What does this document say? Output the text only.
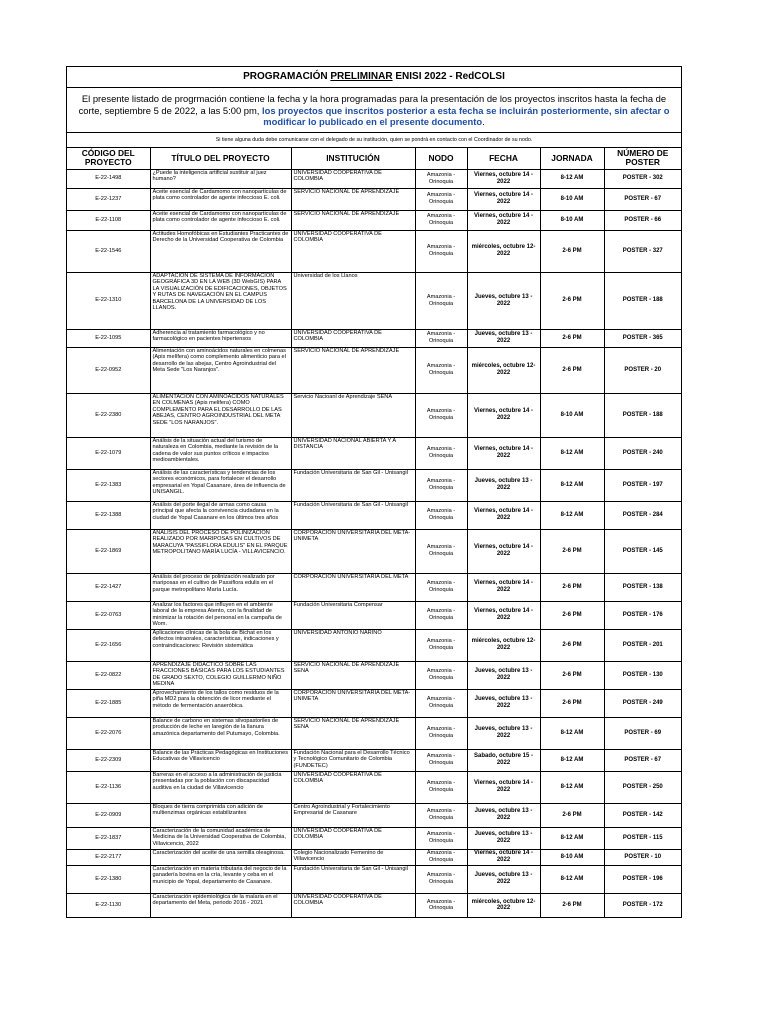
PROGRAMACIÓN PRELIMINAR ENISI 2022 - RedCOLSI
El presente listado de progrmación contiene la fecha y la hora programadas para la presentación de los proyectos inscritos hasta la fecha de corte, septiembre 5 de 2022, a las 5:00 pm, los proyectos que inscritos posterior a esta fecha se incluirán posteriormente, sin afectar o modificar lo publicado en el presente documento.
Si tiene alguna duda debe comunicarse con el delegado de su institución, quien se pondrá en contacto con el Coordinador de su nodo.
CÓDIGO DEL PROYECTO	TÍTULO DEL PROYECTO	INSTITUCIÓN	NODO	FECHA	JORNADA	NÚMERO DE POSTER
E-22-1498	¿Puede la inteligencia artificial sustituir al juez humano?	UNIVERSIDAD COOPERATIVA DE COLOMBIA	Amazonia - Orinoquia	Viernes, octubre 14 - 2022	8-12 AM	POSTER - 302
E-22-1237	Aceite esencial de Cardamomo con nanoparticulas de plata como controlador de agente infeccioso E. coli.	SERVICIO NACIONAL DE APRENDIZAJE	Amazonia - Orinoquia	Viernes, octubre 14 - 2022	8-10 AM	POSTER - 67
E-22-1108	Aceite esencial de Cardamomo con nanoparticulas de plata como controlador de agente infeccioso E. coli.	SERVICIO NACIONAL DE APRENDIZAJE	Amazonia - Orinoquia	Viernes, octubre 14 - 2022	8-10 AM	POSTER - 66
E-22-1546	Actitudes Homofóbicas en Estudiantes Practicantes de Derecho de la Universidad Cooperativa de Colombia	UNIVERSIDAD COOPERATIVA DE COLOMBIA	Amazonia - Orinoquia	miércoles, octubre 12-2022	2-6 PM	POSTER - 327
E-22-1310	ADAPTACIÓN DE SISTEMA DE INFORMACIÓN GEOGRÁFICA 3D EN LA WEB (3D WebGIS) PARA LA VISUALIZACIÓN DE EDIFICACIONES, OBJETOS Y RUTAS DE NAVEGACIÓN EN EL CAMPUS BARCELONA DE LA UNIVERSIDAD DE LOS LLANOS.	Universidad de los Llanos	Amazonia - Orinoquia	Jueves, octubre 13 - 2022	2-6 PM	POSTER - 188
E-22-1095	Adherencia al tratamiento farmacológico y no farmacológico en pacientes hipertensos	UNIVERSIDAD COOPERATIVA DE COLOMBIA	Amazonia - Orinoquia	Jueves, octubre 13 - 2022	2-6 PM	POSTER - 365
E-22-0952	Alimentación con aminoácidos naturales en colmenas (Apis melífera) como complemento alimenticio para el desarrollo de las abejas, Centro Agroindustrial del Meta Sede "Los Naranjos".	SERVICIO NACIONAL DE APRENDIZAJE	Amazonia - Orinoquia	miércoles, octubre 12-2022	2-6 PM	POSTER - 20
E-22-2380	ALIMENTACION CON AMINOÁCIDOS NATURALES EN COLMENAS (Apis melifera) COMO COMPLEMENTO PARA EL DESARROLLO DE LAS ABEJAS, CENTRO AGROINDUSTRIAL DEL META SEDE "LOS NARANJOS".	Servicio Nacioanl de Aprendizaje SENA	Amazonia - Orinoquia	Viernes, octubre 14 - 2022	8-10 AM	POSTER - 188
E-22-1079	Análisis de la situación actual del turismo de naturaleza en Colombia, mediante la revisión de la cadena de valor sus puntos críticos e impactos medioambientales.	UNIVERSIDAD NACIONAL ABIERTA Y A DISTANCIA	Amazonia - Orinoquia	Viernes, octubre 14 - 2022	8-12 AM	POSTER - 240
E-22-1383	Análisis de las características y tendencias de los sectores económicos, para fortalecer el desarrollo empresarial en Yopal Casanare, área de influencia de UNISANGIL.	Fundación Universitaria de San Gil - Unisangil	Amazonia - Orinoquia	Jueves, octubre 13 - 2022	8-12 AM	POSTER - 197
E-22-1388	Análisis del porte ilegal de armas como causa principal que afecta la convivencia ciudadana en la ciudad de Yopal Casanare en los últimos tres años	Fundación Universitaria de San Gil - Unisangil	Amazonia - Orinoquia	Viernes, octubre 14 - 2022	8-12 AM	POSTER - 284
E-22-1869	ANÁLISIS DEL PROCESO DE POLINIZACIÓN REALIZADO POR MARIPOSAS EN CULTIVOS DE MARACUYA "PASSIFLORA EDULIS" EN EL PARQUE METROPOLITANO MARÍA LUCÍA - VILLAVICENCIO.	CORPORACIÓN UNIVERSITARIA DEL META-UNIMETA	Amazonia - Orinoquia	Viernes, octubre 14 - 2022	2-6 PM	POSTER - 145
E-22-1427	Análisis del proceso de polinización realizado por mariposas en el cultivo de Passiflora edulis en el parque metropolitano María Lucía.	CORPORACIÓN UNIVERSITARIA DEL META	Amazonia - Orinoquia	Viernes, octubre 14 - 2022	2-6 PM	POSTER - 138
E-22-0763	Analizar los factores que influyen en el ambiente laboral de la empresa Atento, con la finalidad de minimizar la rotación del personal en la campaña de Wom.	Fundación Universitaria Compensar	Amazonia - Orinoquia	Viernes, octubre 14 - 2022	2-6 PM	POSTER - 176
E-22-1656	Aplicaciones clínicas de la bola de Bichat en los defectos intraorales, características, indicaciones y contraindicaciones: Revisión sistemática	UNIVERSIDAD ANTONIO NARIÑO	Amazonia - Orinoquia	miércoles, octubre 12-2022	2-6 PM	POSTER - 201
E-22-0822	APRENDIZAJE DIDÁCTICO SOBRE LAS FRACCIONES BÁSICAS PARA LOS ESTUDIANTES DE GRADO SEXTO, COLEGIO GUILLERMO NIÑO MEDINA	SERVICIO NACIONAL DE APRENDIZAJE SENA	Amazonia - Orinoquia	Jueves, octubre 13 - 2022	2-6 PM	POSTER - 130
E-22-1885	Aprovechamiento de los tallos como residuos de la piña MD2 para la obtención de licor mediante el método de fermentación anaeróbica.	CORPORACIÓN UNIVERSITARIA DEL META-UNIMETA	Amazonia - Orinoquia	Jueves, octubre 13 - 2022	2-6 PM	POSTER - 249
E-22-2076	Balance de carbono en sistemas silvopastoriles de producción de leche en laregión de la llanura amazónica departamento del Putumayo, Colombia.	SERVICIO NACIONAL DE APRENDIZAJE SENA	Amazonia - Orinoquia	Jueves, octubre 13 - 2022	8-12 AM	POSTER - 69
E-22-2309	Balance de las Prácticas Pedagógicas en Instituciones Educativas de Villavicencio	Fundación Nacional para el Desarrollo Técnico y Tecnológico Comunitario de Colombia (FUNDETEC)	Amazonia - Orinoquia	Sabado, octubre 15 - 2022	8-12 AM	POSTER - 67
E-22-1136	Barreras en el acceso a la administración de justicia presentadas por la población con discapacidad auditiva en la ciudad de Villavicencio	UNIVERSIDAD COOPERATIVA DE COLOMBIA	Amazonia - Orinoquia	Viernes, octubre 14 - 2022	8-12 AM	POSTER - 250
E-22-0909	Bloques de tierra comprimida con adición de multienzimas orgánicas estabilizantes	Centro Agroindustrial y Fortalecimiento Empresarial de Casanare	Amazonia - Orinoquia	Jueves, octubre 13 - 2022	2-6 PM	POSTER - 142
E-22-1837	Caracterización de la comunidad académica de Medicina de la Universidad Cooperativa de Colombia, Villavicencio, 2022	UNIVERSIDAD COOPERATIVA DE COLOMBIA	Amazonia - Orinoquia	Jueves, octubre 13 - 2022	8-12 AM	POSTER - 115
E-22-2177	Caracterización del aceite de una semilla oleaginosa.	Colegio Nacionalizado Femenino de Villavicencio	Amazonia - Orinoquia	Viernes, octubre 14 - 2022	8-10 AM	POSTER - 10
E-22-1380	Caracterización en materia tributaria del negocio de la ganadería bovina en la cría, levante y ceba en el municipio de Yopal, departamento de Casanare.	Fundación Universitaria de San Gil - Unisangil	Amazonia - Orinoquia	Jueves, octubre 13 - 2022	8-12 AM	POSTER - 196
E-22-1130	Caracterización epidemiológica de la malaria en el departamento del Meta, periodo 2016 - 2021	UNIVERSIDAD COOPERATIVA DE COLOMBIA	Amazonia - Orinoquia	miércoles, octubre 12-2022	2-6 PM	POSTER - 172
